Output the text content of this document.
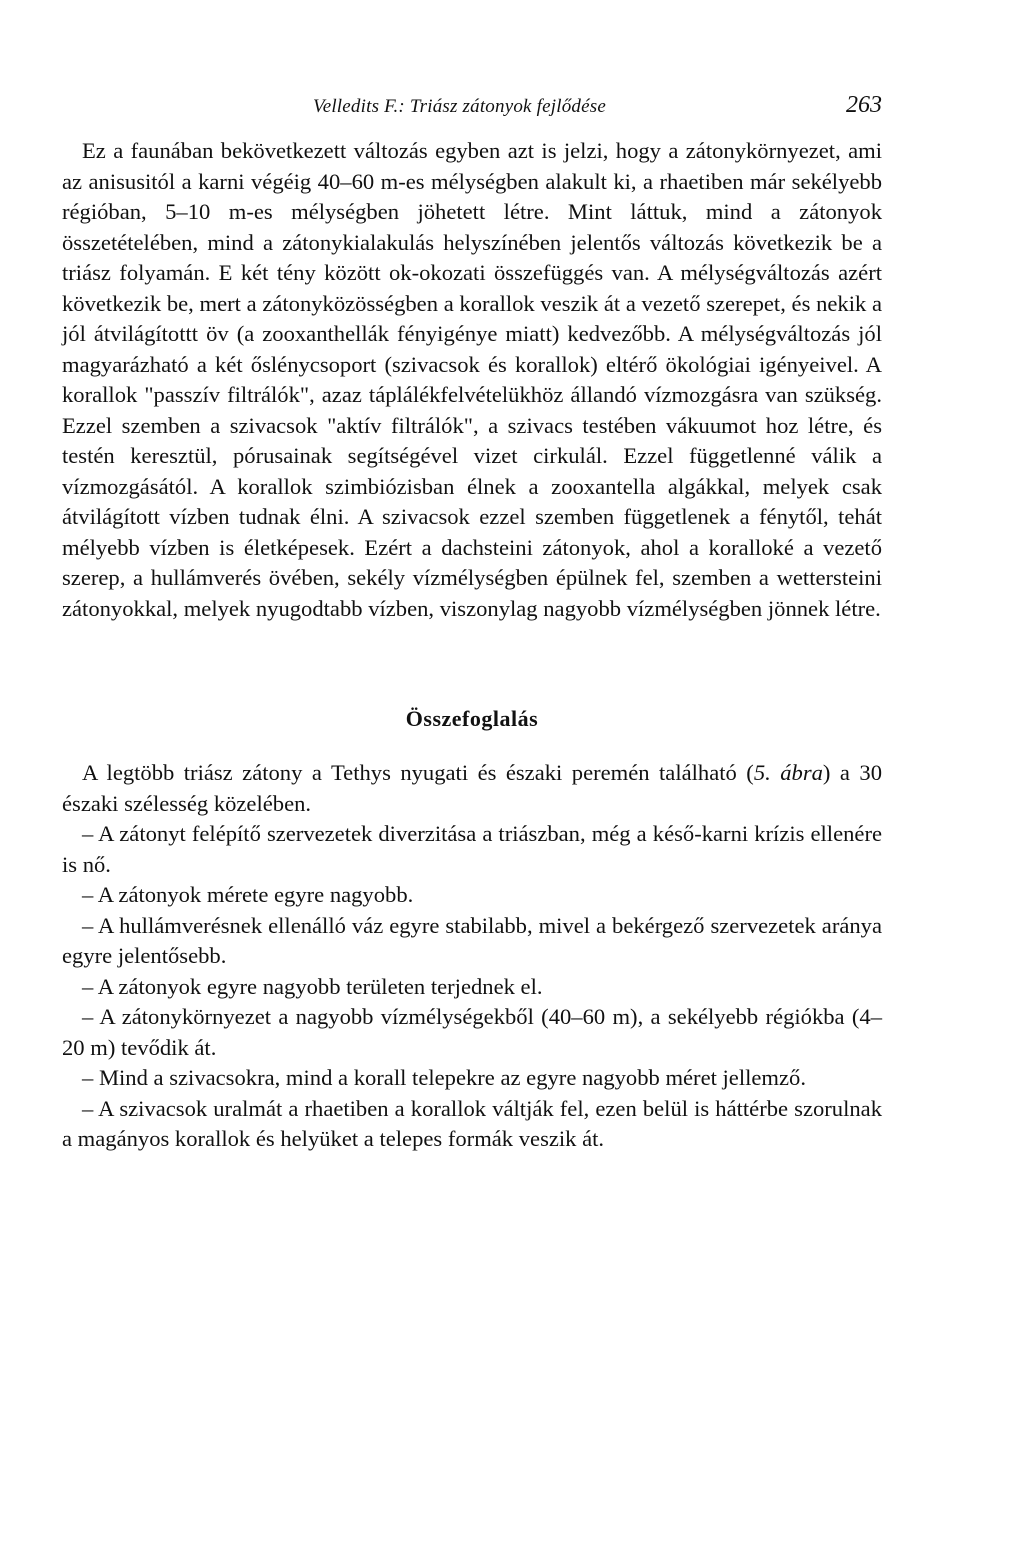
Velledits F.: Triász zátonyok fejlődése	263

Ez a faunában bekövetkezett változás egyben azt is jelzi, hogy a zátonykörnyezet, ami az anisusitól a karni végéig 40–60 m-es mélységben alakult ki, a rhaetiben már sekélyebb régióban, 5–10 m-es mélységben jöhetett létre. Mint láttuk, mind a zátonyok összetételében, mind a zátonykialakulás helyszínében jelentős változás következik be a triász folyamán. E két tény között ok-okozati összefüggés van. A mélységváltozás azért következik be, mert a zátonyközösségben a korallok veszik át a vezető szerepet, és nekik a jól átvilágítottt öv (a zooxanthellák fényigénye miatt) kedvezőbb. A mélységváltozás jól magyarázható a két őslénycsoport (szivacsok és korallok) eltérő ökológiai igényeivel. A korallok "passzív filtrálók", azaz táplálékfelvételükhöz állandó vízmozgásra van szükség. Ezzel szemben a szivacsok "aktív filtrálók", a szivacs testében vákuumot hoz létre, és testén keresztül, pórusainak segítségével vizet cirkulál. Ezzel függetlenné válik a vízmozgásától. A korallok szimbiózisban élnek a zooxantella algákkal, melyek csak átvilágított vízben tudnak élni. A szivacsok ezzel szemben függetlenek a fénytől, tehát mélyebb vízben is életképesek. Ezért a dachsteini zátonyok, ahol a koralloké a vezető szerep, a hullámverés övében, sekély vízmélységben épülnek fel, szemben a wettersteini zátonyokkal, melyek nyugodtabb vízben, viszonylag nagyobb vízmélységben jönnek létre.

Összefoglalás

A legtöbb triász zátony a Tethys nyugati és északi peremén található (5. ábra) a 30 északi szélesség közelében.

– A zátonyt felépítő szervezetek diverzitása a triászban, még a késő-karni krízis ellenére is nő.

– A zátonyok mérete egyre nagyobb.

– A hullámverésnek ellenálló váz egyre stabilabb, mivel a bekérgező szervezetek aránya egyre jelentősebb.

– A zátonyok egyre nagyobb területen terjednek el.

– A zátonykörnyezet a nagyobb vízmélységekből (40–60 m), a sekélyebb régiókba (4–20 m) tevődik át.

– Mind a szivacsokra, mind a korall telepekre az egyre nagyobb méret jellemző.

– A szivacsok uralmát a rhaetiben a korallok váltják fel, ezen belül is háttérbe szorulnak a magányos korallok és helyüket a telepes formák veszik át.
